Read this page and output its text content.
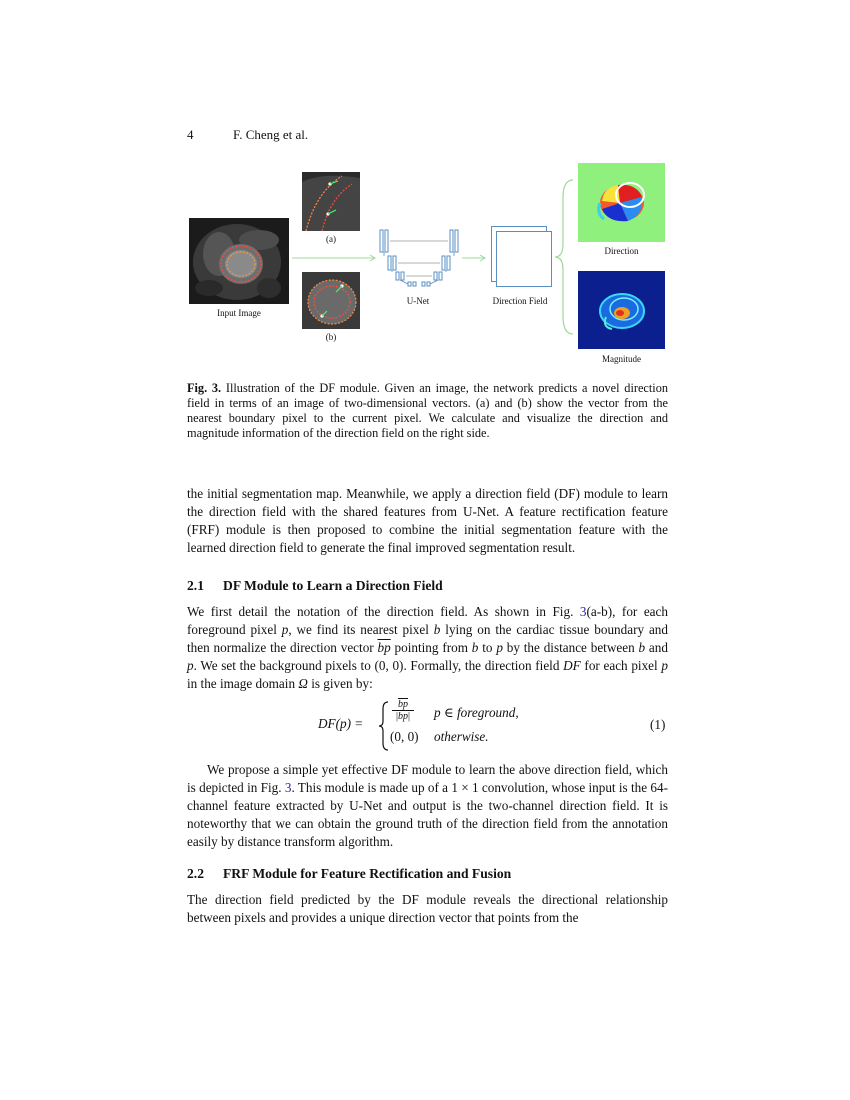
4	F. Cheng et al.
Input Image
(a)
(b)
U-Net	Direction Field
Direction
Magnitude
Fig. 3. Illustration of the DF module. Given an image, the network predicts a novel direction field in terms of an image of two-dimensional vectors. (a) and (b) show the vector from the nearest boundary pixel to the current pixel. We calculate and visualize the direction and magnitude information of the direction field on the right side.
the initial segmentation map. Meanwhile, we apply a direction field (DF) module to learn the direction field with the shared features from U-Net. A feature rectification feature (FRF) module is then proposed to combine the initial segmentation feature with the learned direction field to generate the final improved segmentation result.
2.1 DF Module to Learn a Direction Field
We first detail the notation of the direction field. As shown in Fig. 3(a-b), for each foreground pixel p, we find its nearest pixel b lying on the cardiac tissue boundary and then normalize the direction vector $\overline{bp}$ pointing from b to p by the distance between b and p. We set the background pixels to (0, 0). Formally, the direction field DF for each pixel p in the image domain Ω is given by:
DF(p) =
$\overline{bp}$
$|\overline{bp}|$	p ∈ foreground,
(0, 0) otherwise.
(1)
We propose a simple yet effective DF module to learn the above direction field, which is depicted in Fig. 3. This module is made up of a 1 × 1 convolution, whose input is the 64-channel feature extracted by U-Net and output is the two-channel direction field. It is noteworthy that we can obtain the ground truth of the direction field from the annotation easily by distance transform algorithm.
2.2 FRF Module for Feature Rectification and Fusion
The direction field predicted by the DF module reveals the directional relationship between pixels and provides a unique direction vector that points from the
